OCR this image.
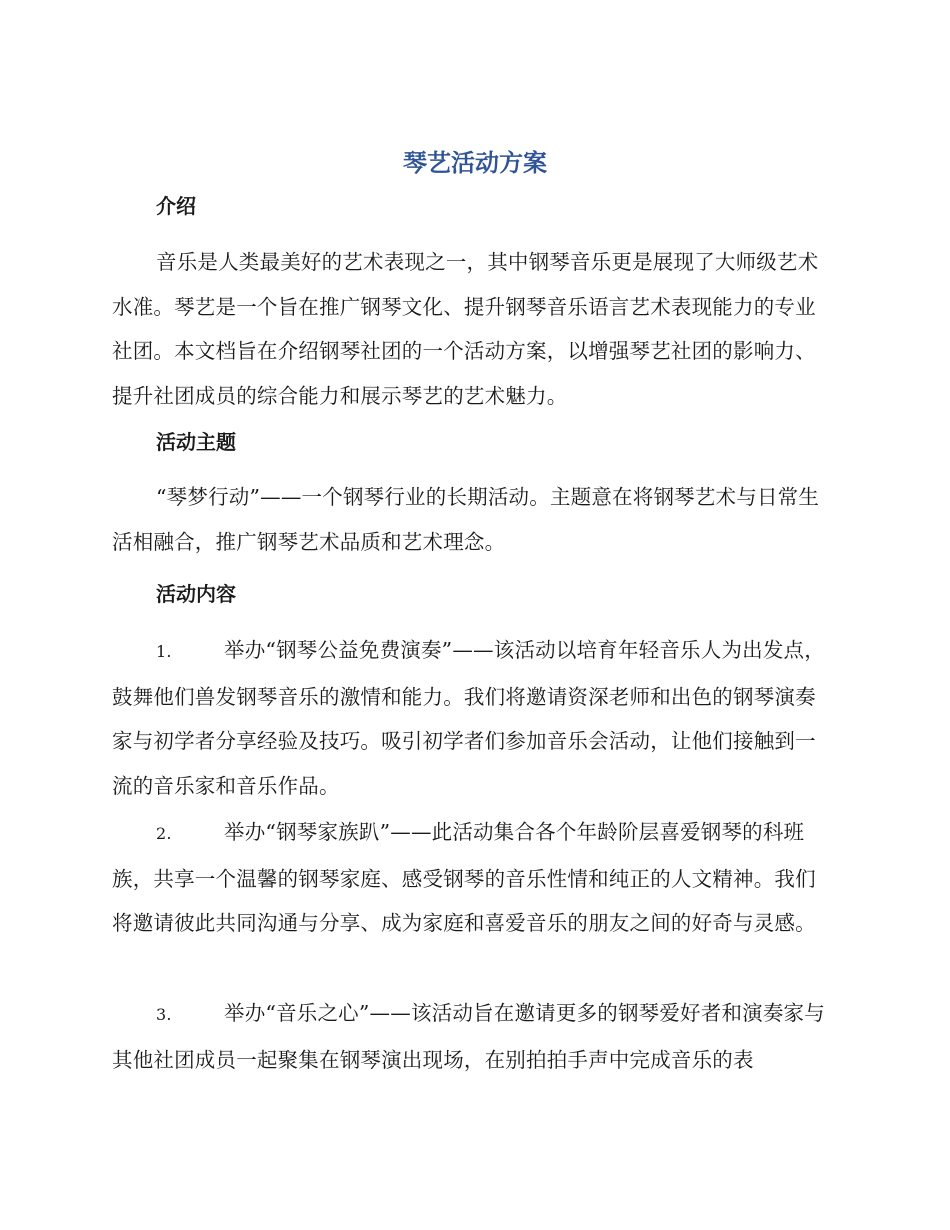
琴艺活动方案
介绍
音乐是人类最美好的艺术表现之一，其中钢琴音乐更是展现了大师级艺术水准。琴艺是一个旨在推广钢琴文化、提升钢琴音乐语言艺术表现能力的专业社团。本文档旨在介绍钢琴社团的一个活动方案，以增强琴艺社团的影响力、提升社团成员的综合能力和展示琴艺的艺术魅力。
活动主题
“琴梦行动”——一个钢琴行业的长期活动。主题意在将钢琴艺术与日常生活相融合，推广钢琴艺术品质和艺术理念。
活动内容
1.	举办“钢琴公益免费演奏”——该活动以培育年轻音乐人为出发点，鼓舞他们兽发钢琴音乐的激情和能力。我们将邀请资深老师和出色的钢琴演奏家与初学者分享经验及技巧。吸引初学者们参加音乐会活动，让他们接触到一流的音乐家和音乐作品。
2.	举办“钢琴家族趴”——此活动集合各个年龄阶层喜爱钢琴的科班族，共享一个温馨的钢琴家庭、感受钢琴的音乐性情和纯正的人文精神。我们将邀请彼此共同沟通与分享、成为家庭和喜爱音乐的朋友之间的好奇与灵感。
3.	举办“音乐之心”——该活动旨在邀请更多的钢琴爱好者和演奏家与其他社团成员一起聚集在钢琴演出现场，在别拍拍手声中完成音乐的表
